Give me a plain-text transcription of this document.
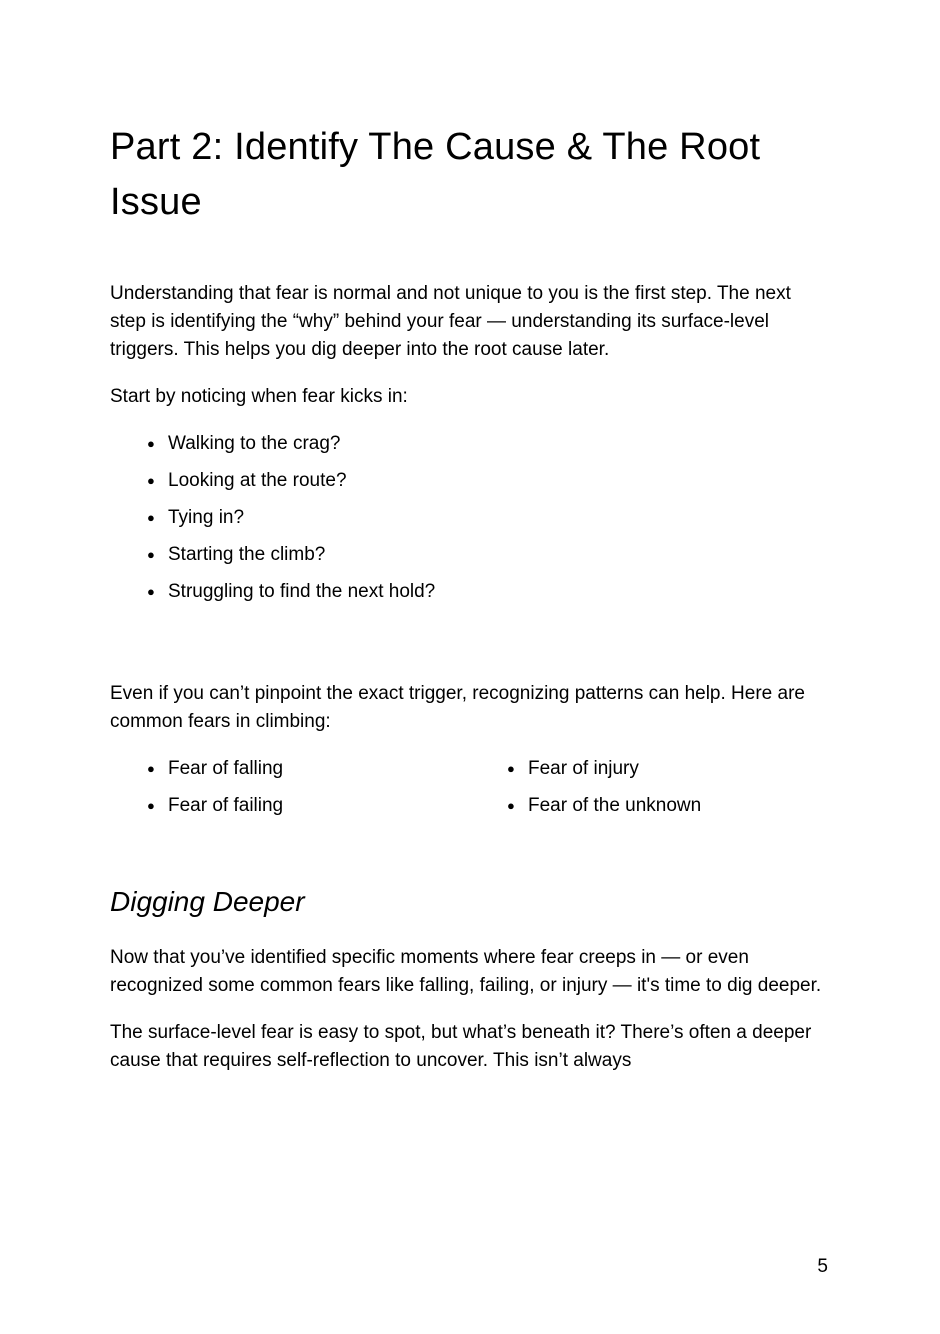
Part 2: Identify The Cause & The Root Issue

Understanding that fear is normal and not unique to you is the first step. The next step is identifying the “why” behind your fear — understanding its surface-level triggers. This helps you dig deeper into the root cause later.

Start by noticing when fear kicks in:

● Walking to the crag?
● Looking at the route?
● Tying in?
● Starting the climb?
● Struggling to find the next hold?

Even if you can’t pinpoint the exact trigger, recognizing patterns can help. Here are common fears in climbing:

● Fear of falling
● Fear of failing
● Fear of injury
● Fear of the unknown
Digging Deeper

Now that you’ve identified specific moments where fear creeps in — or even recognized some common fears like falling, failing, or injury — it's time to dig deeper.

The surface-level fear is easy to spot, but what’s beneath it? There’s often a deeper cause that requires self-reflection to uncover. This isn’t always

5
